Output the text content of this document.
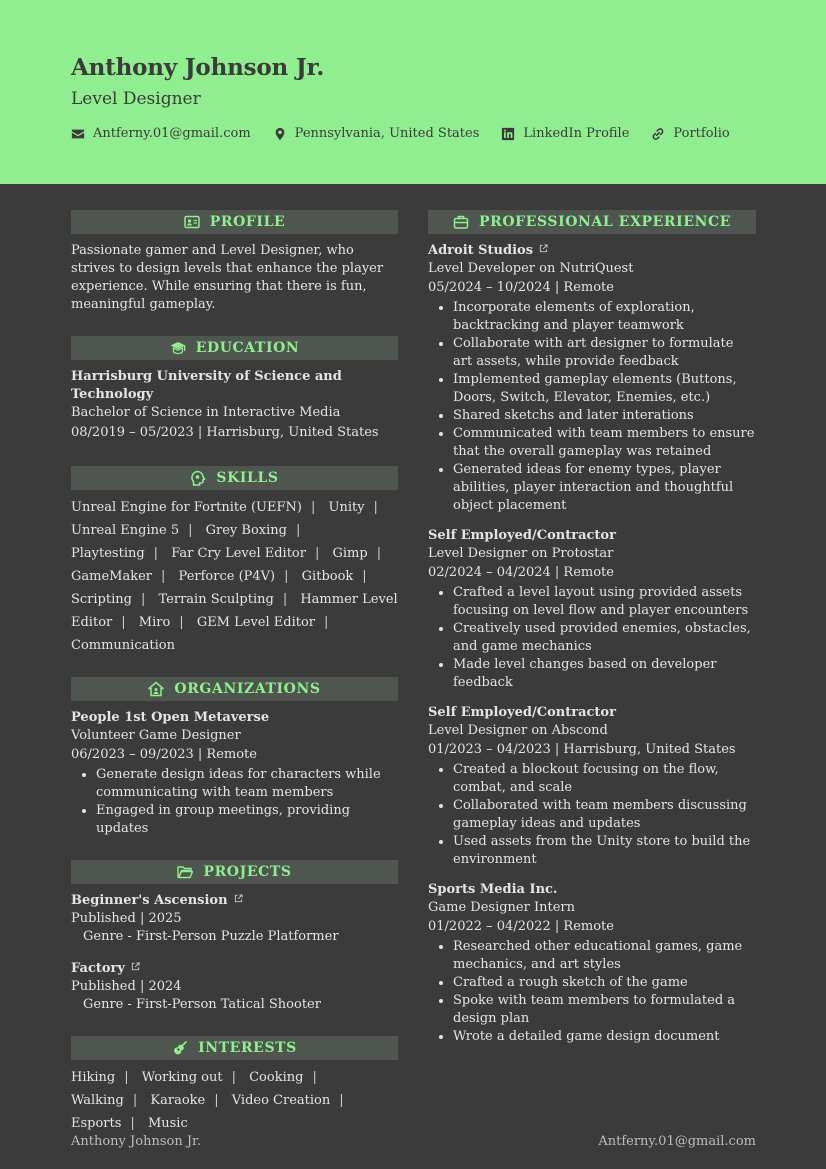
Anthony Johnson Jr.
Level Designer
Antferny.01@gmail.com	Pennsylvania, United States	LinkedIn Profile	Portfolio
PROFILE
Passionate gamer and Level Designer, who strives to design levels that enhance the player experience. While ensuring that there is fun, meaningful gameplay.
EDUCATION
Harrisburg University of Science and Technology
Bachelor of Science in Interactive Media
08/2019 – 05/2023 | Harrisburg, United States
SKILLS
Unreal Engine for Fortnite (UEFN) | Unity | Unreal Engine 5 | Grey Boxing | Playtesting | Far Cry Level Editor | Gimp | GameMaker | Perforce (P4V) | Gitbook | Scripting | Terrain Sculpting | Hammer Level Editor | Miro | GEM Level Editor | Communication
ORGANIZATIONS
People 1st Open Metaverse
Volunteer Game Designer
06/2023 – 09/2023 | Remote
• Generate design ideas for characters while communicating with team members
• Engaged in group meetings, providing updates
PROJECTS
Beginner's Ascension
Published | 2025
Genre - First-Person Puzzle Platformer
Factory
Published | 2024
Genre - First-Person Tatical Shooter
INTERESTS
Hiking | Working out | Cooking | Walking | Karaoke | Video Creation | Esports | Music
PROFESSIONAL EXPERIENCE
Adroit Studios
Level Developer on NutriQuest
05/2024 – 10/2024 | Remote
• Incorporate elements of exploration, backtracking and player teamwork
• Collaborate with art designer to formulate art assets, while provide feedback
• Implemented gameplay elements (Buttons, Doors, Switch, Elevator, Enemies, etc.)
• Shared sketchs and later interations
• Communicated with team members to ensure that the overall gameplay was retained
• Generated ideas for enemy types, player abilities, player interaction and thoughtful object placement
Self Employed/Contractor
Level Designer on Protostar
02/2024 – 04/2024 | Remote
• Crafted a level layout using provided assets focusing on level flow and player encounters
• Creatively used provided enemies, obstacles, and game mechanics
• Made level changes based on developer feedback
Self Employed/Contractor
Level Designer on Abscond
01/2023 – 04/2023 | Harrisburg, United States
• Created a blockout focusing on the flow, combat, and scale
• Collaborated with team members discussing gameplay ideas and updates
• Used assets from the Unity store to build the environment
Sports Media Inc.
Game Designer Intern
01/2022 – 04/2022 | Remote
• Researched other educational games, game mechanics, and art styles
• Crafted a rough sketch of the game
• Spoke with team members to formulated a design plan
• Wrote a detailed game design document
Anthony Johnson Jr.	Antferny.01@gmail.com
